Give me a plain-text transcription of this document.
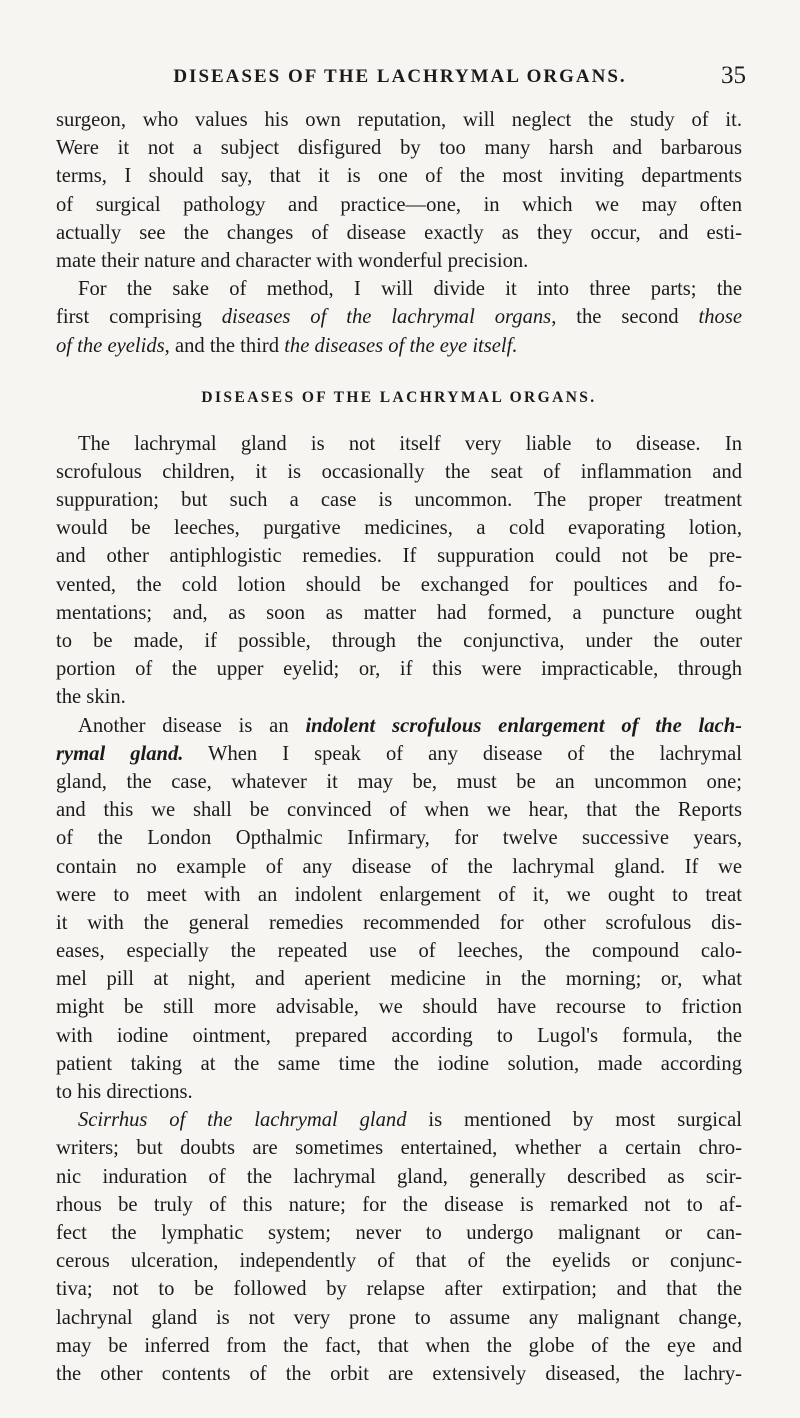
DISEASES OF THE LACHRYMAL ORGANS.	35
surgeon, who values his own reputation, will neglect the study of it.
Were it not a subject disfigured by too many harsh and barbarous
terms, I should say, that it is one of the most inviting departments
of surgical pathology and practice—one, in which we may often
actually see the changes of disease exactly as they occur, and esti-
mate their nature and character with wonderful precision.
For the sake of method, I will divide it into three parts; the
first comprising diseases of the lachrymal organs, the second those
of the eyelids, and the third the diseases of the eye itself.
DISEASES OF THE LACHRYMAL ORGANS.
The lachrymal gland is not itself very liable to disease. In
scrofulous children, it is occasionally the seat of inflammation and
suppuration; but such a case is uncommon. The proper treatment
would be leeches, purgative medicines, a cold evaporating lotion,
and other antiphlogistic remedies. If suppuration could not be pre-
vented, the cold lotion should be exchanged for poultices and fo-
mentations; and, as soon as matter had formed, a puncture ought
to be made, if possible, through the conjunctiva, under the outer
portion of the upper eyelid; or, if this were impracticable, through
the skin.
Another disease is an indolent scrofulous enlargement of the lach-
rymal gland. When I speak of any disease of the lachrymal
gland, the case, whatever it may be, must be an uncommon one;
and this we shall be convinced of when we hear, that the Reports
of the London Opthalmic Infirmary, for twelve successive years,
contain no example of any disease of the lachrymal gland. If we
were to meet with an indolent enlargement of it, we ought to treat
it with the general remedies recommended for other scrofulous dis-
eases, especially the repeated use of leeches, the compound calo-
mel pill at night, and aperient medicine in the morning; or, what
might be still more advisable, we should have recourse to friction
with iodine ointment, prepared according to Lugol's formula, the
patient taking at the same time the iodine solution, made according
to his directions.
Scirrhus of the lachrymal gland is mentioned by most surgical
writers; but doubts are sometimes entertained, whether a certain chro-
nic induration of the lachrymal gland, generally described as scir-
rhous be truly of this nature; for the disease is remarked not to af-
fect the lymphatic system; never to undergo malignant or can-
cerous ulceration, independently of that of the eyelids or conjunc-
tiva; not to be followed by relapse after extirpation; and that the
lachrynal gland is not very prone to assume any malignant change,
may be inferred from the fact, that when the globe of the eye and
the other contents of the orbit are extensively diseased, the lachry-
